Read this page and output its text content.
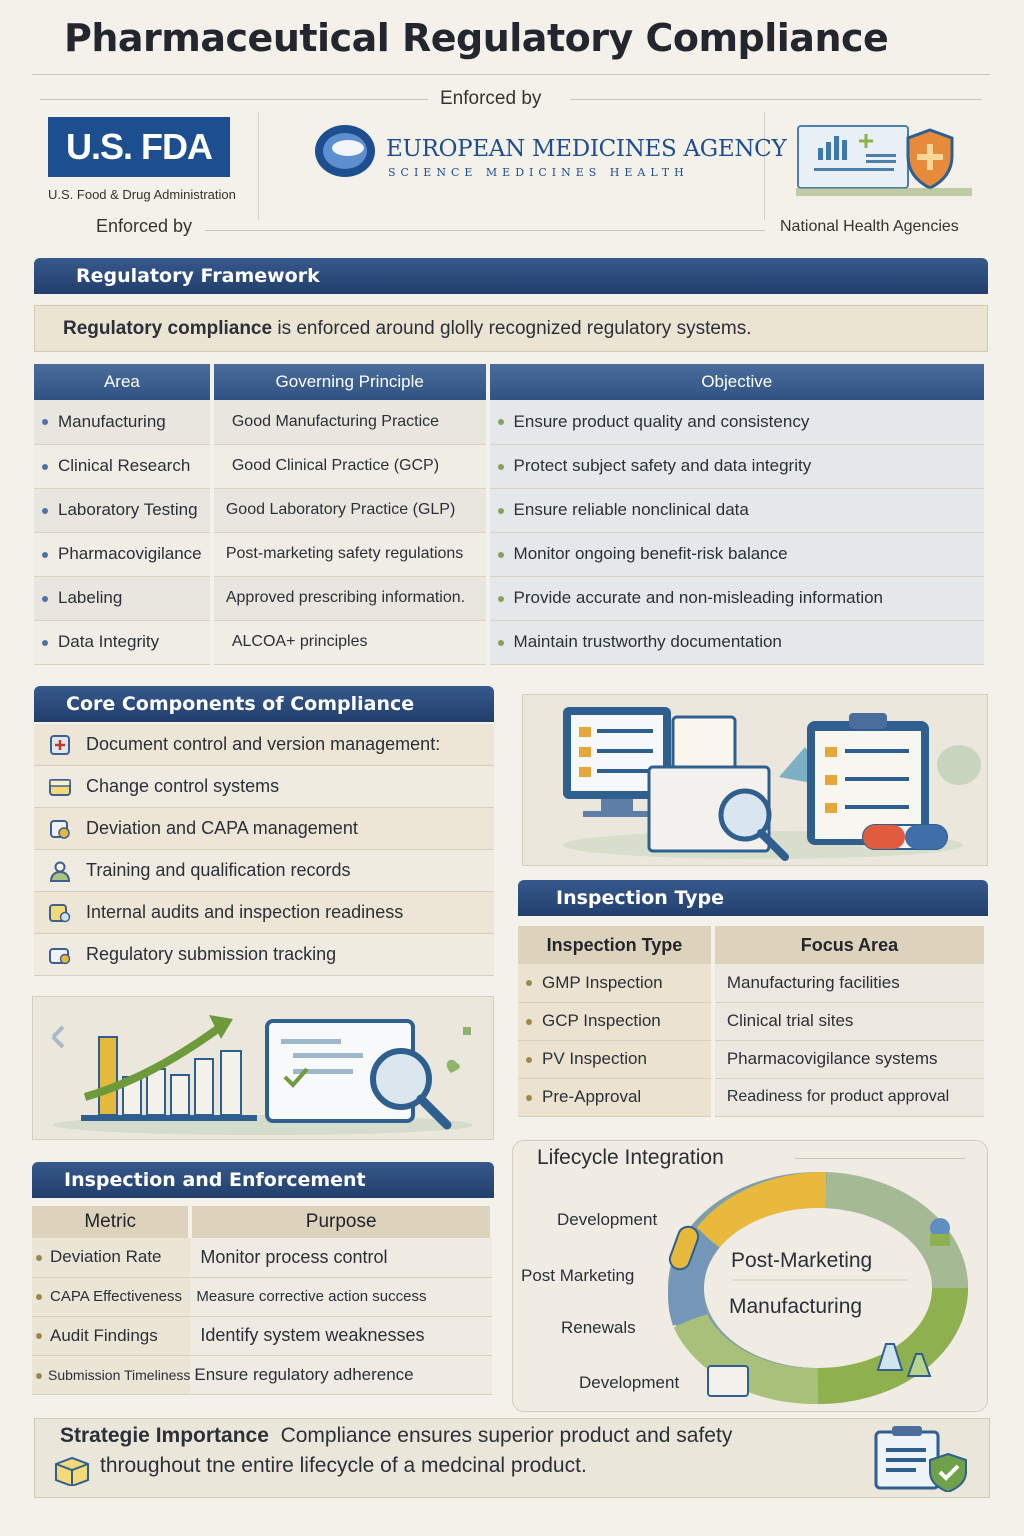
Pharmaceutical Regulatory Compliance
Enforced by
U.S. FDA
U.S. Food & Drug Administration
Enforced by
EUROPEAN MEDICINES AGENCY
SCIENCE MEDICINES HEALTH
National Health Agencies
Regulatory Framework
Regulatory compliance is enforced around glolly recognized regulatory systems.
Area	Governing Principle	Objective
Manufacturing	Good Manufacturing Practice	Ensure product quality and consistency
Clinical Research	Good Clinical Practice (GCP)	Protect subject safety and data integrity
Laboratory Testing	Good Laboratory Practice (GLP)	Ensure reliable nonclinical data
Pharmacovigilance	Post-marketing safety regulations	Monitor ongoing benefit-risk balance
Labeling	Approved prescribing information.	Provide accurate and non-misleading information
Data Integrity	ALCOA+ principles	Maintain trustworthy documentation
Core Components of Compliance
Document control and version management:
Change control systems
Deviation and CAPA management
Training and qualification records
Internal audits and inspection readiness
Regulatory submission tracking
Inspection Type
Inspection Type	Focus Area
GMP Inspection	Manufacturing facilities
GCP Inspection	Clinical trial sites
PV Inspection	Pharmacovigilance systems
Pre-Approval	Readiness for product approval
Inspection and Enforcement
Metric	Purpose
Deviation Rate	Monitor process control
CAPA Effectiveness	Measure corrective action success
Audit Findings	Identify system weaknesses
Submission Timeliness	Ensure regulatory adherence
Lifecycle Integration
Development
Post Marketing
Renewals
Development
Post-Marketing
Manufacturing
Strategie Importance Compliance ensures superior product and safety
throughout tne entire lifecycle of a medcinal product.
